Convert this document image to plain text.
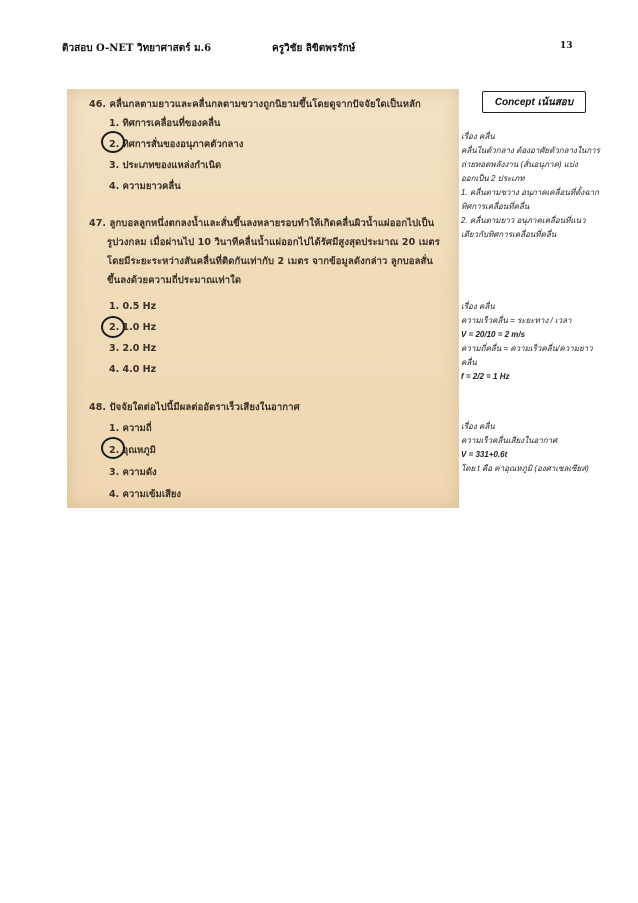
ติวสอบ O-NET วิทยาศาสตร์ ม.6	ครูวิชัย ลิขิตพรรักษ์	13
46. คลื่นกลตามยาวและคลื่นกลตามขวางถูกนิยามขึ้นโดยดูจากปัจจัยใดเป็นหลัก
1. ทิศการเคลื่อนที่ของคลื่น
2. ทิศการสั่นของอนุภาคตัวกลาง
3. ประเภทของแหล่งกำเนิด
4. ความยาวคลื่น
47. ลูกบอลลูกหนึ่งตกลงน้ำและสั่นขึ้นลงหลายรอบทำให้เกิดคลื่นผิวน้ำแผ่ออกไปเป็น
รูปวงกลม เมื่อผ่านไป 10 วินาทีคลื่นน้ำแผ่ออกไปได้รัศมีสูงสุดประมาณ 20 เมตร
โดยมีระยะระหว่างสันคลื่นที่ติดกันเท่ากับ 2 เมตร จากข้อมูลดังกล่าว ลูกบอลสั่น
ขึ้นลงด้วยความถี่ประมาณเท่าใด
1. 0.5 Hz
2. 1.0 Hz
3. 2.0 Hz
4. 4.0 Hz
48. ปัจจัยใดต่อไปนี้มีผลต่ออัตราเร็วเสียงในอากาศ
1. ความถี่
2. อุณหภูมิ
3. ความดัง
4. ความเข้มเสียง
Concept เน้นสอบ
เรื่อง คลื่น
คลื่นในตัวกลาง ต้องอาศัยตัวกลางในการ
ถ่ายทอดพลังงาน (สั่นอนุภาค) แบ่ง
ออกเป็น 2 ประเภท
1. คลื่นตามขวาง อนุภาคเคลื่อนที่ตั้งฉาก
ทิศการเคลื่อนที่คลื่น
2. คลื่นตามยาว อนุภาคเคลื่อนที่แนว
เดียวกับทิศการเคลื่อนที่คลื่น
เรื่อง คลื่น
ความเร็วคลื่น = ระยะทาง / เวลา
V = 20/10 = 2 m/s
ความถี่คลื่น = ความเร็วคลื่น/ความยาว
คลื่น
f = 2/2 = 1 Hz
เรื่อง คลื่น
ความเร็วคลื่นเสียงในอากาศ
V = 331+0.6t
โดย t คือ ค่าอุณหภูมิ (องศาเซลเซียส)
